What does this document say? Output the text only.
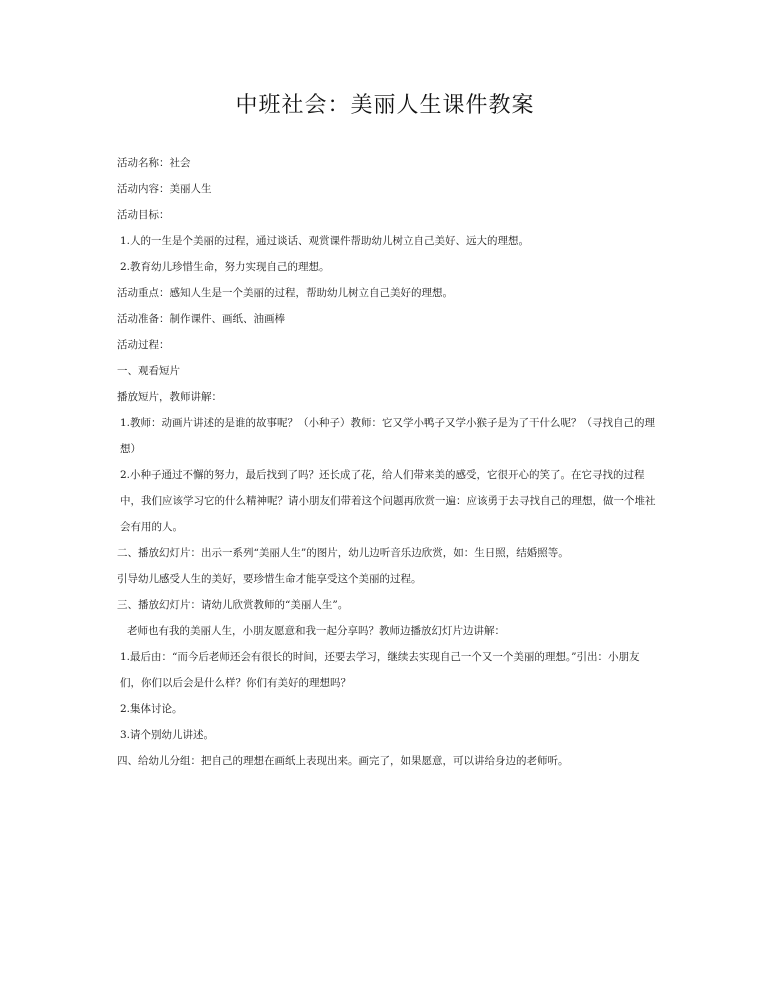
中班社会：美丽人生课件教案

活动名称：社会

活动内容：美丽人生

活动目标：

1.人的一生是个美丽的过程，通过谈话、观赏课件帮助幼儿树立自己美好、远大的理想。

2.教育幼儿珍惜生命，努力实现自己的理想。

活动重点：感知人生是一个美丽的过程，帮助幼儿树立自己美好的理想。

活动准备：制作课件、画纸、油画棒

活动过程：

一、观看短片

播放短片，教师讲解：

1.教师：动画片讲述的是谁的故事呢？（小种子）教师：它又学小鸭子又学小猴子是为了干什么呢？（寻找自己的理想）

2.小种子通过不懈的努力，最后找到了吗？还长成了花，给人们带来美的感受，它很开心的笑了。在它寻找的过程中，我们应该学习它的什么精神呢？请小朋友们带着这个问题再欣赏一遍：应该勇于去寻找自己的理想，做一个堆社会有用的人。

二、播放幻灯片：出示一系列“美丽人生”的图片，幼儿边听音乐边欣赏，如：生日照，结婚照等。

引导幼儿感受人生的美好，要珍惜生命才能享受这个美丽的过程。

三、播放幻灯片：请幼儿欣赏教师的“美丽人生”。

老师也有我的美丽人生，小朋友愿意和我一起分享吗？教师边播放幻灯片边讲解：

1.最后由：“而今后老师还会有很长的时间，还要去学习，继续去实现自己一个又一个美丽的理想。”引出：小朋友们，你们以后会是什么样？你们有美好的理想吗？

2.集体讨论。

3.请个别幼儿讲述。

四、给幼儿分组：把自己的理想在画纸上表现出来。画完了，如果愿意，可以讲给身边的老师听。
